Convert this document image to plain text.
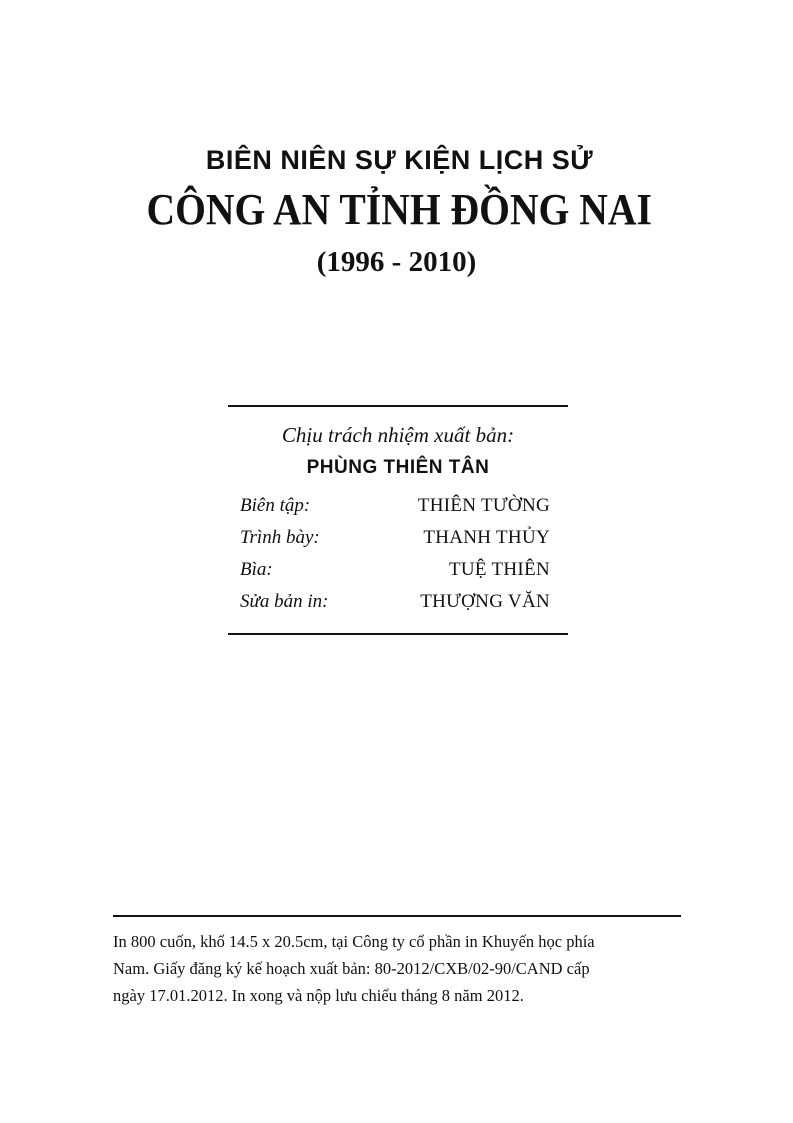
BIÊN NIÊN SỰ KIỆN LỊCH SỬ

CÔNG AN TỈNH ĐỒNG NAI

(1996 - 2010)

Chịu trách nhiệm xuất bản:
PHÙNG THIÊN TÂN
Biên tập:	THIÊN TƯỜNG
Trình bày:	THANH THỦY
Bìa:	TUỆ THIÊN
Sửa bản in:	THƯỢNG VĂN
In 800 cuốn, khổ 14.5 x 20.5cm, tại Công ty cổ phần in Khuyến học phía
Nam. Giấy đăng ký kế hoạch xuất bản: 80-2012/CXB/02-90/CAND cấp
ngày 17.01.2012. In xong và nộp lưu chiểu tháng 8 năm 2012.
